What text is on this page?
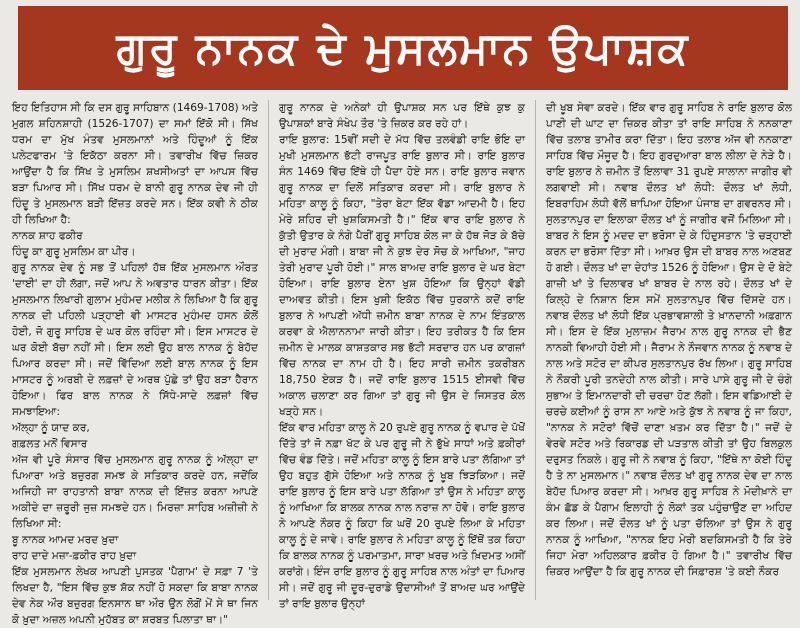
ਗੁਰੂ ਨਾਨਕ ਦੇ ਮੁਸਲਮਾਨ ਉਪਾਸ਼ਕ

ਇਹ ਇਤਿਹਾਸ ਸੀ ਕਿ ਦਸ ਗੁਰੂ ਸਾਹਿਬਾਨ (1469-1708) ਅਤੇ ਮੁਗਲ ਸ਼ਹਿਨਸ਼ਾਹੀ (1526-1707) ਦਾ ਸਮਾਂ ਇੱਕੋ ਸੀ। ਸਿੱਖ ਧਰਮ ਦਾ ਮੁੱਖ ਮੰਤਵ ਮੁਸਲਮਾਨਾਂ ਅਤੇ ਹਿੰਦੂਆਂ ਨੂੰ ਇੱਕ ਪਲੇਟਫਾਰਮ 'ਤੇ ਇਕੱਠਾ ਕਰਨਾ ਸੀ। ਤਵਾਰੀਖ ਵਿੱਚ ਜ਼ਿਕਰ ਆਉਂਦਾ ਹੈ ਕਿ ਸਿੱਖ ਤੇ ਮੁਸਲਿਮ ਸ਼ਖਸੀਅਤਾਂ ਦਾ ਆਪਸ ਵਿੱਚ ਬੜਾ ਪਿਆਰ ਸੀ। ਸਿੱਖ ਧਰਮ ਦੇ ਬਾਨੀ ਗੁਰੂ ਨਾਨਕ ਦੇਵ ਜੀ ਹੀ ਹਿੰਦੂ ਤੇ ਮੁਸਲਮਾਨ ਬੜੀ ਇੱਜ਼ਤ ਕਰਦੇ ਸਨ। ਇੱਕ ਕਵੀ ਨੇ ਠੀਕ ਹੀ ਲਿਖਿਆ ਹੈ:

ਨਾਨਕ ਸ਼ਾਹ ਫਕੀਰ

ਹਿੰਦੂ ਕਾ ਗੁਰੂ ਮੁਸਲਿਮ ਕਾ ਪੀਰ।

ਗੁਰੂ ਨਾਨਕ ਦੇਵ ਨੂੰ ਸਭ ਤੋਂ ਪਹਿਲਾਂ ਹੱਥ ਇੱਕ ਮੁਸਲਮਾਨ ਔਰਤ 'ਦਾਈ' ਦਾ ਹੀ ਲੱਗਾ, ਜਦੋਂ ਆਪ ਨੇ ਅਵਤਾਰ ਧਾਰਨ ਕੀਤਾ। ਇੱਕ ਮੁਸਲਮਾਨ ਲਿਖਾਰੀ ਗੁਲਾਮ ਮੁਹੰਮਦ ਮਲੀਕ ਨੇ ਲਿਖਿਆ ਹੈ ਕਿ ਗੁਰੂ ਨਾਨਕ ਦੀ ਪਹਿਲੀ ਪੜ੍ਹਾਈ ਵੀ ਮਾਸਟਰ ਮੁਹੰਮਦ ਹਸਨ ਕੋਲੋਂ ਹੋਈ, ਜੋ ਗੁਰੂ ਸਾਹਿਬ ਦੇ ਘਰ ਕੋਲ ਰਹਿੰਦਾ ਸੀ। ਇਸ ਮਾਸਟਰ ਦੇ ਘਰ ਕੋਈ ਬੱਚਾ ਨਹੀਂ ਸੀ। ਇਸ ਲਈ ਉਹ ਬਾਲ ਨਾਨਕ ਨੂੰ ਬੇਹੱਦ ਪਿਆਰ ਕਰਦਾ ਸੀ। ਜਦੋਂ ਵਿੱਦਿਆ ਲਈ ਬਾਲ ਨਾਨਕ ਨੂੰ ਇਸ ਮਾਸਟਰ ਨੂੰ ਅਰਬੀ ਦੇ ਲਫ਼ਜ਼ਾਂ ਦੇ ਅਰਥ ਪੁੱਛੇ ਤਾਂ ਉਹ ਬੜਾ ਹੈਰਾਨ ਹੋਇਆ। ਫਿਰ ਬਾਲ ਨਾਨਕ ਨੇ ਸਿੱਧੇ-ਸਾਦੇ ਲਫ਼ਜ਼ਾਂ ਵਿੱਚ ਸਮਝਾਇਆ:

ਅੱਲ੍ਹਾ ਨੂੰ ਯਾਦ ਕਰ,

ਗਫ਼ਲਤ ਮਨੋਂ ਵਿਸਾਰ

ਅੱਜ ਵੀ ਪੂਰੇ ਸੰਸਾਰ ਵਿੱਚ ਮੁਸਲਮਾਨ ਗੁਰੂ ਨਾਨਕ ਨੂੰ ਅੱਲ੍ਹਾ ਦਾ ਪਿਆਰਾ ਅਤੇ ਬਜ਼ੁਰਗ ਸਮਝ ਕੇ ਸਤਿਕਾਰ ਕਰਦੇ ਹਨ, ਜਦੋਂਕਿ ਅਜਿਹੀ ਜਾ ਰਾਹਤਾਨੀ ਬਾਬਾ ਨਾਨਕ ਦੀ ਇੱਜ਼ਤ ਕਰਨਾ ਆਪਣੇ ਅਕੀਦੇ ਦਾ ਜ਼ਰੂਰੀ ਜੁਜ਼ ਸਮਝਦੇ ਹਨ। ਮਿਰਜ਼ਾ ਸਾਹਿਬ ਅਜ਼ੀਜ਼ੀ ਨੇ ਲਿਖਿਆ ਸੀ:

ਬੂ ਨਾਨਕ ਆਮਦ ਮਰਦ ਖ਼ੁਦਾ

ਰਾਹ ਦਾਦੇ ਮਜ਼ਾ-ਫ਼ਕੀਰ ਰਾਹ ਖ਼ੁਦਾ

ਇੱਕ ਮੁਸਲਮਾਨ ਲੇਖਕ ਆਪਣੀ ਪੁਸਤਕ 'ਪੈਗਾਮ' ਦੇ ਸਫ਼ਾ 7 'ਤੇ ਲਿਖਦਾ ਹੈ, "ਇਸ ਵਿੱਚ ਕੁਝ ਸ਼ੱਕ ਨਹੀਂ ਹੋ ਸਕਦਾ ਕਿ ਬਾਬਾ ਨਾਨਕ ਦੇਵ ਨੇਕ ਔਰ ਬਜ਼ੁਰਗ ਇਨਸਾਨ ਥਾ ਔਰ ਉਨ ਲੋਗੋਂ ਮੇਂ ਸੇ ਥਾ ਜਿਨ ਕੋ ਖ਼ੁਦਾ ਅਜ਼ਲ ਅਪਨੀ ਮੁਹੱਬਤ ਕਾ ਸ਼ਰਬਤ ਪਿਲਾਤਾ ਥਾ।"

ਗੁਰੂ ਨਾਨਕ ਦੇ ਅਨੇਕਾਂ ਹੀ ਉਪਾਸ਼ਕ ਸਨ ਪਰ ਇੱਥੇ ਕੁਝ ਕੁ ਉਪਾਸ਼ਕਾਂ ਬਾਰੇ ਸੰਖੇਪ ਤੌਰ 'ਤੇ ਜ਼ਿਕਰ ਕਰ ਰਹੇ ਹਾਂ।

ਰਾਇ ਬੁਲਾਰ: 15ਵੀਂ ਸਦੀ ਦੇ ਮੱਧ ਵਿੱਚ ਤਲਵੰਡੀ ਰਾਇ ਭੋਇ ਦਾ ਮੁਖੀ ਮੁਸਲਮਾਨ ਭੱਟੀ ਰਾਜਪੂਤ ਰਾਇ ਬੁਲਾਰ ਸੀ। ਰਾਇ ਬੁਲਾਰ ਸੰਨ 1469 ਵਿੱਚ ਇੱਥੇ ਹੀ ਪੈਦਾ ਹੋਏ ਸਨ। ਰਾਇ ਬੁਲਾਰ ਜਵਾਨ ਗੁਰੂ ਨਾਨਕ ਦਾ ਦਿਲੋਂ ਸਤਿਕਾਰ ਕਰਦਾ ਸੀ। ਰਾਇ ਬੁਲਾਰ ਨੇ ਮਹਿਤਾ ਕਾਲੂ ਨੂੰ ਕਿਹਾ, "ਤੇਰਾ ਬੇਟਾ ਇੱਕ ਵੱਡਾ ਆਦਮੀ ਹੈ। ਇਹ ਮੇਰੇ ਸ਼ਹਿਰ ਦੀ ਖੁਸ਼ਕਿਸਮਤੀ ਹੈ।" ਇੱਕ ਵਾਰ ਰਾਇ ਬੁਲਾਰ ਨੇ ਕੁੱਤੀ ਉਤਾਰ ਕੇ ਨੰਗੇ ਪੈਰੀਂ ਗੁਰੂ ਸਾਹਿਬ ਕੋਲ ਜਾ ਕੇ ਹੱਥ ਜੋੜ ਕੇ ਬੱਚੇ ਦੀ ਮੁਰਾਦ ਮੰਗੀ। ਬਾਬਾ ਜੀ ਨੇ ਕੁਝ ਦੇਰ ਸੋਚ ਕੇ ਆਖਿਆ, "ਜਾਹ ਤੇਰੀ ਮੁਰਾਦ ਪੂਰੀ ਹੋਈ।" ਸਾਲ ਬਾਅਦ ਰਾਇ ਬੁਲਾਰ ਦੇ ਘਰ ਬੇਟਾ ਹੋਇਆ। ਰਾਇ ਬੁਲਾਰ ਏਨਾ ਖੁਸ਼ ਹੋਇਆ ਕਿ ਉਨ੍ਹਾਂ ਵੱਡੀ ਦਾਅਵਤ ਕੀਤੀ। ਇਸ ਖੁਸ਼ੀ ਇਕੱਠ ਵਿੱਚ ਧੁਰਕਾਨੇ ਕਦੋਂ ਰਾਇ ਬੁਲਾਰ ਨੇ ਆਪਣੀ ਅੱਧੀ ਜ਼ਮੀਨ ਬਾਬਾ ਨਾਨਕ ਦੇ ਨਾਮ ਇੰਤਕਾਲ ਕਰਵਾ ਕੇ ਐਲਾਨਨਾਮਾ ਜਾਰੀ ਕੀਤਾ। ਇਹ ਤਰੀਕਤ ਹੈ ਕਿ ਇਸ ਜ਼ਮੀਨ ਦੇ ਮਾਲਕ ਕਾਸ਼ਤਕਾਰ ਸਭ ਭੱਟੀ ਸਰਦਾਰ ਹਨ ਪਰ ਕਾਗਜ਼ਾਂ ਵਿੱਚ ਨਾਨਕ ਦਾ ਨਾਮ ਹੀ ਹੈ। ਇਹ ਸਾਰੀ ਜ਼ਮੀਨ ਤਕਰੀਬਨ 18,750 ਏਕੜ ਹੈ। ਜਦੋਂ ਰਾਇ ਬੁਲਾਰ 1515 ਈਸਵੀ ਵਿੱਚ ਅਕਾਲ ਚਲਾਣਾ ਕਰ ਗਿਆ ਤਾਂ ਗੁਰੂ ਜੀ ਉਸ ਦੇ ਜਿਸਤਰ ਕੋਲ ਖੜ੍ਹੇ ਸਨ।

ਇੱਕ ਵਾਰ ਮਹਿਤਾ ਕਾਲੂ ਨੇ 20 ਰੁਪਏ ਗੁਰੂ ਨਾਨਕ ਨੂੰ ਵਪਾਰ ਦੇ ਪੱਖੋਂ ਦਿੱਤੇ ਤਾਂ ਜੋ ਨਫ਼ਾ ਖੱਟ ਕੇ ਪਰ ਗੁਰੂ ਜੀ ਨੇ ਭੁੱਖੇ ਸਾਧਾਂ ਅਤੇ ਫ਼ਕੀਰਾਂ ਵਿੱਚ ਵੰਡ ਦਿੱਤੇ। ਜਦੋਂ ਮਹਿਤਾ ਕਾਲੂ ਨੂੰ ਇਸ ਬਾਰੇ ਪਤਾ ਲੱਗਿਆ ਤਾਂ ਉਹ ਬਹੁਤ ਗੁੱਸੇ ਹੋਇਆ ਅਤੇ ਨਾਨਕ ਨੂੰ ਖੂਬ ਝਿੜਕਿਆ। ਜਦੋਂ ਰਾਇ ਬੁਲਾਰ ਨੂੰ ਇਸ ਬਾਰੇ ਪਤਾ ਲੱਗਿਆ ਤਾਂ ਉਸ ਨੇ ਮਹਿਤਾ ਕਾਲੂ ਨੂੰ ਆਖਿਆ ਕਿ ਬਾਲਕ ਨਾਨਕ ਨਾਲ ਨਰਾਜ਼ ਨਾ ਹੋਵੋ। ਰਾਇ ਬੁਲਾਰ ਨੇ ਆਪਣੇ ਨੌਕਰ ਨੂੰ ਕਿਹਾ ਕਿ ਘਰੋਂ 20 ਰੁਪਏ ਲਿਆ ਕੇ ਮਹਿਤਾ ਕਾਲੂ ਨੂੰ ਦੇ ਜਾਵੇ। ਰਾਇ ਬੁਲਾਰ ਨੇ ਮਹਿਤਾ ਕਾਲੂ ਨੂੰ ਇੱਥੋਂ ਤਕ ਕਿਹਾ ਕਿ ਬਾਲਕ ਨਾਨਕ ਨੂੰ ਪਰਮਾਤਮਾ, ਸਾਰਾ ਖ਼ਰਚ ਅਤੇ ਖ਼ਿਦਮਤ ਅਸੀਂ ਕਰਾਂਗੇ। ਇੰਜ ਰਾਇ ਬੁਲਾਰ ਨੂੰ ਗੁਰੂ ਸਾਹਿਬ ਨਾਲ ਅੰਤਾਂ ਦਾ ਪਿਆਰ ਸੀ। ਜਦੋਂ ਗੁਰੂ ਜੀ ਦੂਰ-ਦੁਰਾਡੇ ਉਦਾਸੀਆਂ ਤੋਂ ਬਾਅਦ ਘਰ ਆਉਂਦੇ ਤਾਂ ਰਾਇ ਬੁਲਾਰ ਉਨ੍ਹਾਂ

ਦੀ ਖੂਬ ਸੇਵਾ ਕਰਦੇ। ਇੱਕ ਵਾਰ ਗੁਰੂ ਸਾਹਿਬ ਨੇ ਰਾਇ ਬੁਲਾਰ ਕੋਲ ਪਾਣੀ ਦੀ ਘਾਟ ਦਾ ਜ਼ਿਕਰ ਕੀਤਾ ਤਾਂ ਰਾਇ ਸਾਹਿਬ ਨੇ ਨਨਕਾਣਾ ਵਿੱਚ ਤਲਾਬ ਤਾਮੀਰ ਕਰਾ ਦਿੱਤਾ। ਇਹ ਤਲਾਬ ਅੱਜ ਵੀ ਨਨਕਾਣਾ ਸਾਹਿਬ ਵਿੱਚ ਮੌਜੂਦ ਹੈ। ਇਹ ਗੁਰਦੁਆਰਾ ਬਾਲ ਲੀਲਾ ਦੇ ਨੇੜੇ ਹੈ। ਰਾਇ ਬੁਲਾਰ ਨੇ ਜ਼ਮੀਨ ਤੋਂ ਇਲਾਵਾ 31 ਰੁਪਏ ਸਾਲਾਨਾ ਜਾਗੀਰ ਵੀ ਲਗਵਾਈ ਸੀ। ਨਵਾਬ ਦੌਲਤ ਖਾਂ ਲੋਧੀ: ਦੌਲਤ ਖਾਂ ਲੋਧੀ, ਇਬਰਾਹਿਮ ਲੋਧੀ ਵੱਲੋਂ ਥਾਪਿਆ ਹੋਇਆ ਪੰਜਾਬ ਦਾ ਗਵਰਨਰ ਸੀ। ਸੁਲਤਾਨਪੁਰ ਦਾ ਇਲਾਕਾ ਦੌਲਤ ਖਾਂ ਨੂੰ ਜਾਗੀਰ ਵਜੋਂ ਮਿਲਿਆ ਸੀ। ਬਾਬਰ ਨੇ ਇਸ ਨੂੰ ਮਦਦ ਦਾ ਭਰੋਸਾ ਦੇ ਕੇ ਹਿੰਦੁਸਤਾਨ 'ਤੇ ਚੜ੍ਹਾਈ ਕਰਨ ਦਾ ਭਰੋਸਾ ਦਿੱਤਾ ਸੀ। ਆਖ਼ਰ ਉਸ ਦੀ ਬਾਬਰ ਨਾਲ ਅਣਬਣ ਹੋ ਗਈ। ਦੌਲਤ ਖਾਂ ਦਾ ਦੇਹਾਂਤ 1526 ਨੂੰ ਹੋਇਆ। ਉਸ ਦੇ ਦੋ ਬੇਟੇ ਗਾਜ਼ੀ ਖਾਂ ਤੇ ਦਿਲਾਵਰ ਖਾਂ ਬਾਬਰ ਦੇ ਨਾਲ ਰਹੇ। ਦੌਲਤ ਖਾਂ ਦੇ ਕਿਲ੍ਹੇ ਦੇ ਨਿਸ਼ਾਨ ਇਸ ਸਮੇਂ ਸੁਲਤਾਨਪੁਰ ਵਿੱਚ ਦਿੱਸਦੇ ਹਨ। ਨਵਾਬ ਦੌਲਤ ਖਾਂ ਲੋਧੀ ਇੱਕ ਪ੍ਰਭਾਵਸ਼ਾਲੀ ਤੇ ਖ਼ਾਨਦਾਨੀ ਅਫ਼ਗਾਨ ਸੀ। ਇਸ ਦੇ ਇੱਕ ਮੁਲਾਜ਼ਮ ਜੈਰਾਮ ਨਾਲ ਗੁਰੂ ਨਾਨਕ ਦੀ ਭੈਣ ਨਾਨਕੀ ਵਿਆਹੀ ਹੋਈ ਸੀ। ਜੈਰਾਮ ਨੇ ਨੌਜਵਾਨ ਨਾਨਕ ਨੂੰ ਨਵਾਬ ਦੇ ਨਾਲ ਅਤੇ ਸਟੋਰ ਦਾ ਕੀਪਰ ਸੁਲਤਾਨਪੁਰ ਰੱਖ ਲਿਆ। ਗੁਰੂ ਸਾਹਿਬ ਨੇ ਨੌਕਰੀ ਪੂਰੀ ਤਨਦੇਹੀ ਨਾਲ ਕੀਤੀ। ਸਾਰੇ ਪਾਸੇ ਗੁਰੂ ਜੀ ਦੇ ਚੰਗੇ ਸੁਭਾਅ ਤੇ ਇਮਾਨਦਾਰੀ ਦੀ ਚਰਚਾ ਹੋਣ ਲੱਗੀ। ਇਸ ਵਡਿਆਈ ਦੇ ਚਰਚੇ ਕਈਆਂ ਨੂੰ ਰਾਸ ਨਾ ਆਏ ਅਤੇ ਕੁੱਝ ਨੇ ਨਵਾਬ ਨੂੰ ਜਾ ਕਿਹਾ, "ਨਾਨਕ ਨੇ ਸਟੋਰਾਂ ਵਿੱਚੋਂ ਦਾਣਾ ਖ਼ਤਮ ਕਰ ਦਿੱਤਾ ਹੈ।" ਜਦੋਂ ਦੇ ਵੇਰਵੇ ਸਟੋਰ ਅਤੇ ਰਿਕਾਰਡ ਦੀ ਪੜਤਾਲ ਕੀਤੀ ਤਾਂ ਉਹ ਬਿਲਕੁਲ ਦਰੁਸਤ ਨਿਕਲੇ। ਗੁਰੂ ਜੀ ਨੇ ਨਵਾਬ ਨੂੰ ਕਿਹਾ, "ਇੱਥੇ ਨਾ ਕੋਈ ਹਿੰਦੂ ਹੈ ਤੇ ਨਾ ਮੁਸਲਮਾਨ।" ਨਵਾਬ ਦੌਲਤ ਖਾਂ ਗੁਰੂ ਨਾਨਕ ਦੇਵ ਦਾ ਨਾਲ ਬੇਹੱਦ ਪਿਆਰ ਕਰਦਾ ਸੀ। ਆਖ਼ਰ ਗੁਰੂ ਸਾਹਿਬ ਨੇ ਮੋਦੀਖ਼ਾਨੇ ਦਾ ਕੰਮ ਛੱਡ ਕੇ ਪੈਗਾਮ ਇਲਾਹੀ ਨੂੰ ਲੋਕਾਂ ਤਕ ਪਹੁੰਚਾਉਣ ਦਾ ਅਹਿਦ ਕਰ ਲਿਆ। ਜਦੋਂ ਦੌਲਤ ਖਾਂ ਨੂੰ ਪਤਾ ਚੱਲਿਆ ਤਾਂ ਉਸ ਨੇ ਗੁਰੂ ਨਾਨਕ ਨੂੰ ਆਖਿਆ, "ਨਾਨਕ ਇਹ ਮੇਰੀ ਬਦਕਿਸਮਤੀ ਹੈ ਕਿ ਤੇਰੇ ਜਿਹਾ ਮੇਰਾ ਅਹਿਲਕਾਰ ਫ਼ਕੀਰ ਹੋ ਗਿਆ ਹੈ।" ਤਵਾਰੀਖ ਵਿੱਚ ਜ਼ਿਕਰ ਆਉਂਦਾ ਹੈ ਕਿ ਗੁਰੂ ਨਾਨਕ ਦੀ ਸਿਫ਼ਾਰਸ਼ 'ਤੇ ਕਈ ਨੌਕਰ
